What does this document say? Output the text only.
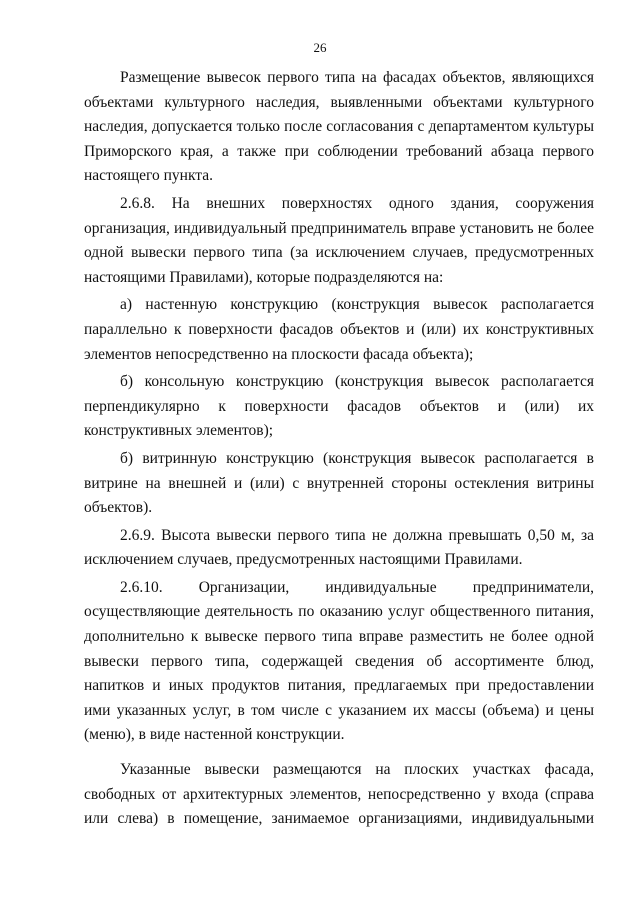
26

Размещение вывесок первого типа на фасадах объектов, являющихся объектами культурного наследия, выявленными объектами культурного наследия, допускается только после согласования с департаментом культуры Приморского края, а также при соблюдении требований абзаца первого настоящего пункта.

2.6.8. На внешних поверхностях одного здания, сооружения организация, индивидуальный предприниматель вправе установить не более одной вывески первого типа (за исключением случаев, предусмотренных настоящими Правилами), которые подразделяются на:

а) настенную конструкцию (конструкция вывесок располагается параллельно к поверхности фасадов объектов и (или) их конструктивных элементов непосредственно на плоскости фасада объекта);

б) консольную конструкцию (конструкция вывесок располагается перпендикулярно к поверхности фасадов объектов и (или) их конструктивных элементов);

б) витринную конструкцию (конструкция вывесок располагается в витрине на внешней и (или) с внутренней стороны остекления витрины объектов).

2.6.9. Высота вывески первого типа не должна превышать 0,50 м, за исключением случаев, предусмотренных настоящими Правилами.

2.6.10. Организации, индивидуальные предприниматели, осуществляющие деятельность по оказанию услуг общественного питания, дополнительно к вывеске первого типа вправе разместить не более одной вывески первого типа, содержащей сведения об ассортименте блюд, напитков и иных продуктов питания, предлагаемых при предоставлении ими указанных услуг, в том числе с указанием их массы (объема) и цены (меню), в виде настенной конструкции.

Указанные вывески размещаются на плоских участках фасада, свободных от архитектурных элементов, непосредственно у входа (справа или слева) в помещение, занимаемое организациями, индивидуальными
